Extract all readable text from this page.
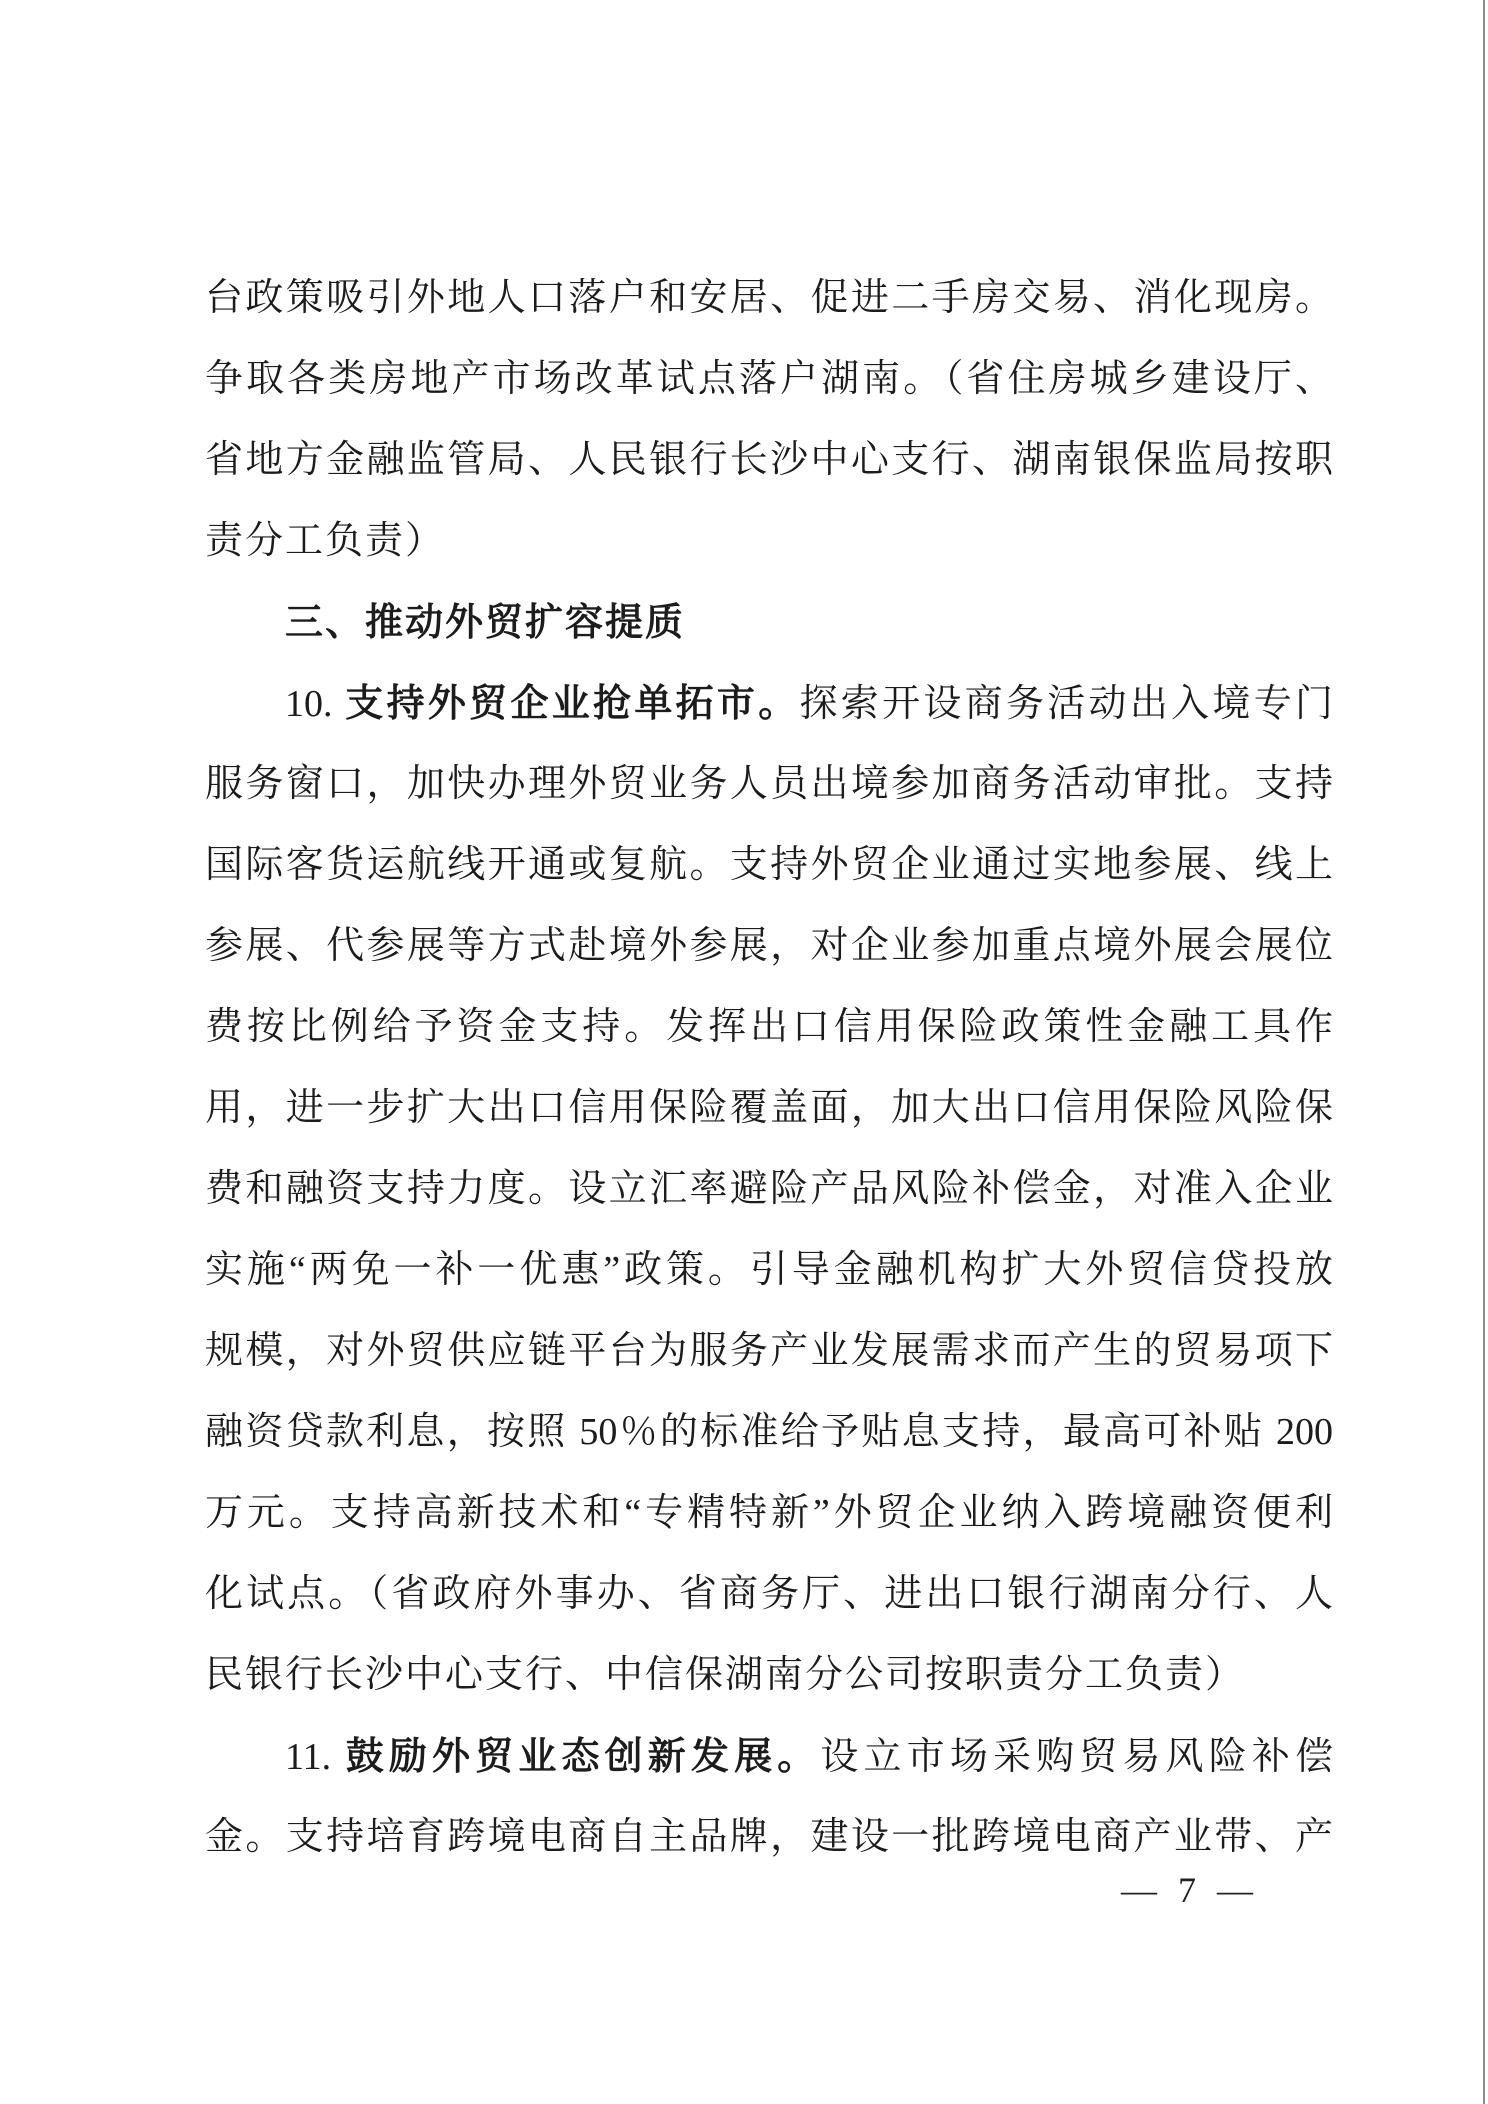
台政策吸引外地人口落户和安居、促进二手房交易、消化现房。
争取各类房地产市场改革试点落户湖南。（省住房城乡建设厅、
省地方金融监管局、人民银行长沙中心支行、湖南银保监局按职
责分工负责）
三、推动外贸扩容提质
10. 支持外贸企业抢单拓市。探索开设商务活动出入境专门
服务窗口，加快办理外贸业务人员出境参加商务活动审批。支持
国际客货运航线开通或复航。支持外贸企业通过实地参展、线上
参展、代参展等方式赴境外参展，对企业参加重点境外展会展位
费按比例给予资金支持。发挥出口信用保险政策性金融工具作
用，进一步扩大出口信用保险覆盖面，加大出口信用保险风险保
费和融资支持力度。设立汇率避险产品风险补偿金，对准入企业
实施“两免一补一优惠”政策。引导金融机构扩大外贸信贷投放
规模，对外贸供应链平台为服务产业发展需求而产生的贸易项下
融资贷款利息，按照 50％的标准给予贴息支持，最高可补贴 200
万元。支持高新技术和“专精特新”外贸企业纳入跨境融资便利
化试点。（省政府外事办、省商务厅、进出口银行湖南分行、人
民银行长沙中心支行、中信保湖南分公司按职责分工负责）
11. 鼓励外贸业态创新发展。设立市场采购贸易风险补偿
金。支持培育跨境电商自主品牌，建设一批跨境电商产业带、产
— 7 —
